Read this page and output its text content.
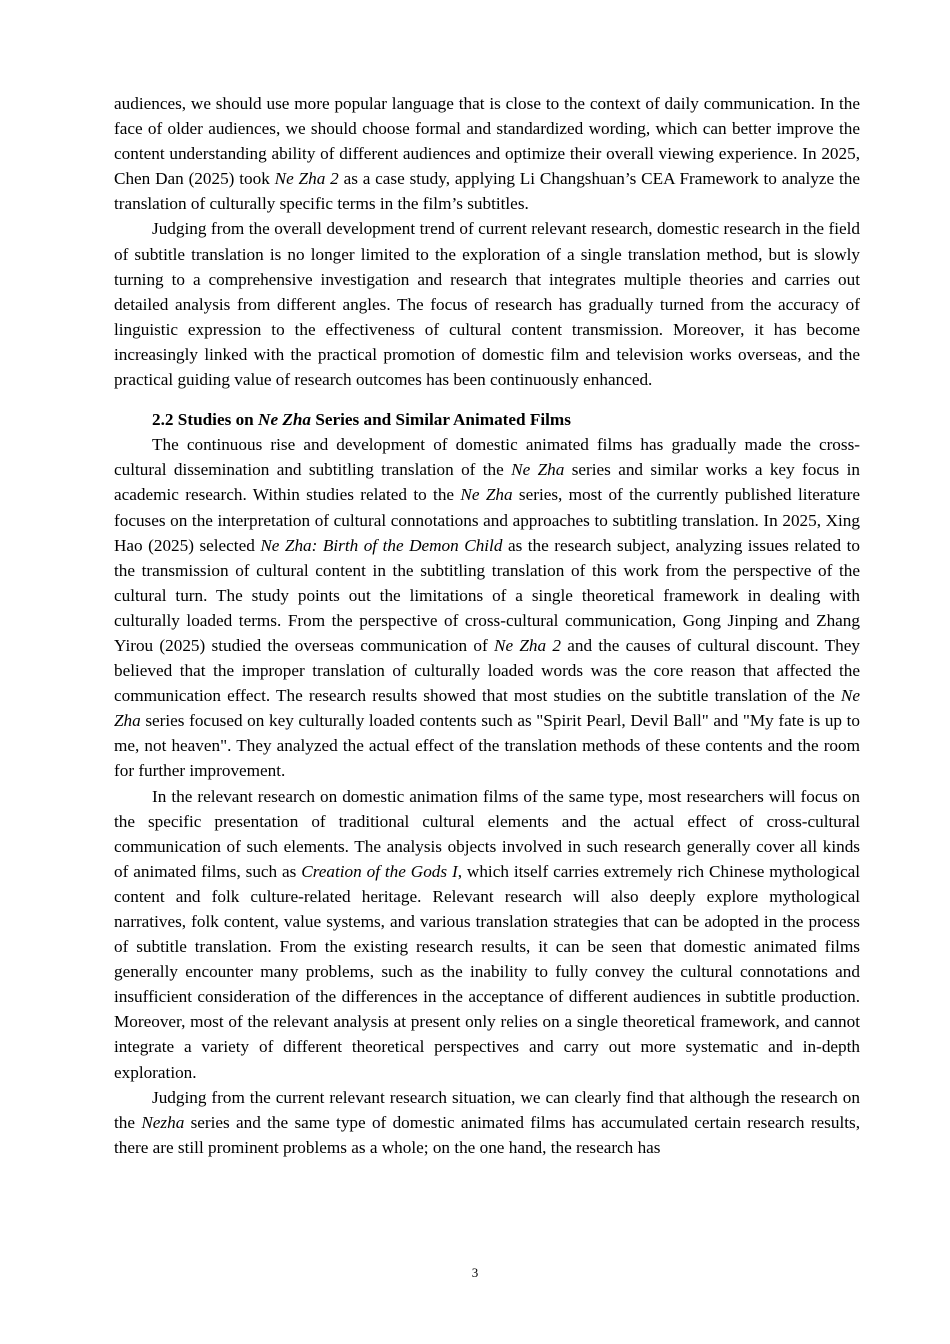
audiences, we should use more popular language that is close to the context of daily communication. In the face of older audiences, we should choose formal and standardized wording, which can better improve the content understanding ability of different audiences and optimize their overall viewing experience. In 2025, Chen Dan (2025) took Ne Zha 2 as a case study, applying Li Changshuan’s CEA Framework to analyze the translation of culturally specific terms in the film’s subtitles.

Judging from the overall development trend of current relevant research, domestic research in the field of subtitle translation is no longer limited to the exploration of a single translation method, but is slowly turning to a comprehensive investigation and research that integrates multiple theories and carries out detailed analysis from different angles. The focus of research has gradually turned from the accuracy of linguistic expression to the effectiveness of cultural content transmission. Moreover, it has become increasingly linked with the practical promotion of domestic film and television works overseas, and the practical guiding value of research outcomes has been continuously enhanced.

2.2 Studies on Ne Zha Series and Similar Animated Films

The continuous rise and development of domestic animated films has gradually made the cross-cultural dissemination and subtitling translation of the Ne Zha series and similar works a key focus in academic research. Within studies related to the Ne Zha series, most of the currently published literature focuses on the interpretation of cultural connotations and approaches to subtitling translation. In 2025, Xing Hao (2025) selected Ne Zha: Birth of the Demon Child as the research subject, analyzing issues related to the transmission of cultural content in the subtitling translation of this work from the perspective of the cultural turn. The study points out the limitations of a single theoretical framework in dealing with culturally loaded terms. From the perspective of cross-cultural communication, Gong Jinping and Zhang Yirou (2025) studied the overseas communication of Ne Zha 2 and the causes of cultural discount. They believed that the improper translation of culturally loaded words was the core reason that affected the communication effect. The research results showed that most studies on the subtitle translation of the Ne Zha series focused on key culturally loaded contents such as "Spirit Pearl, Devil Ball" and "My fate is up to me, not heaven". They analyzed the actual effect of the translation methods of these contents and the room for further improvement.

In the relevant research on domestic animation films of the same type, most researchers will focus on the specific presentation of traditional cultural elements and the actual effect of cross-cultural communication of such elements. The analysis objects involved in such research generally cover all kinds of animated films, such as Creation of the Gods I, which itself carries extremely rich Chinese mythological content and folk culture-related heritage. Relevant research will also deeply explore mythological narratives, folk content, value systems, and various translation strategies that can be adopted in the process of subtitle translation. From the existing research results, it can be seen that domestic animated films generally encounter many problems, such as the inability to fully convey the cultural connotations and insufficient consideration of the differences in the acceptance of different audiences in subtitle production. Moreover, most of the relevant analysis at present only relies on a single theoretical framework, and cannot integrate a variety of different theoretical perspectives and carry out more systematic and in-depth exploration.

Judging from the current relevant research situation, we can clearly find that although the research on the Nezha series and the same type of domestic animated films has accumulated certain research results, there are still prominent problems as a whole; on the one hand, the research has

3
